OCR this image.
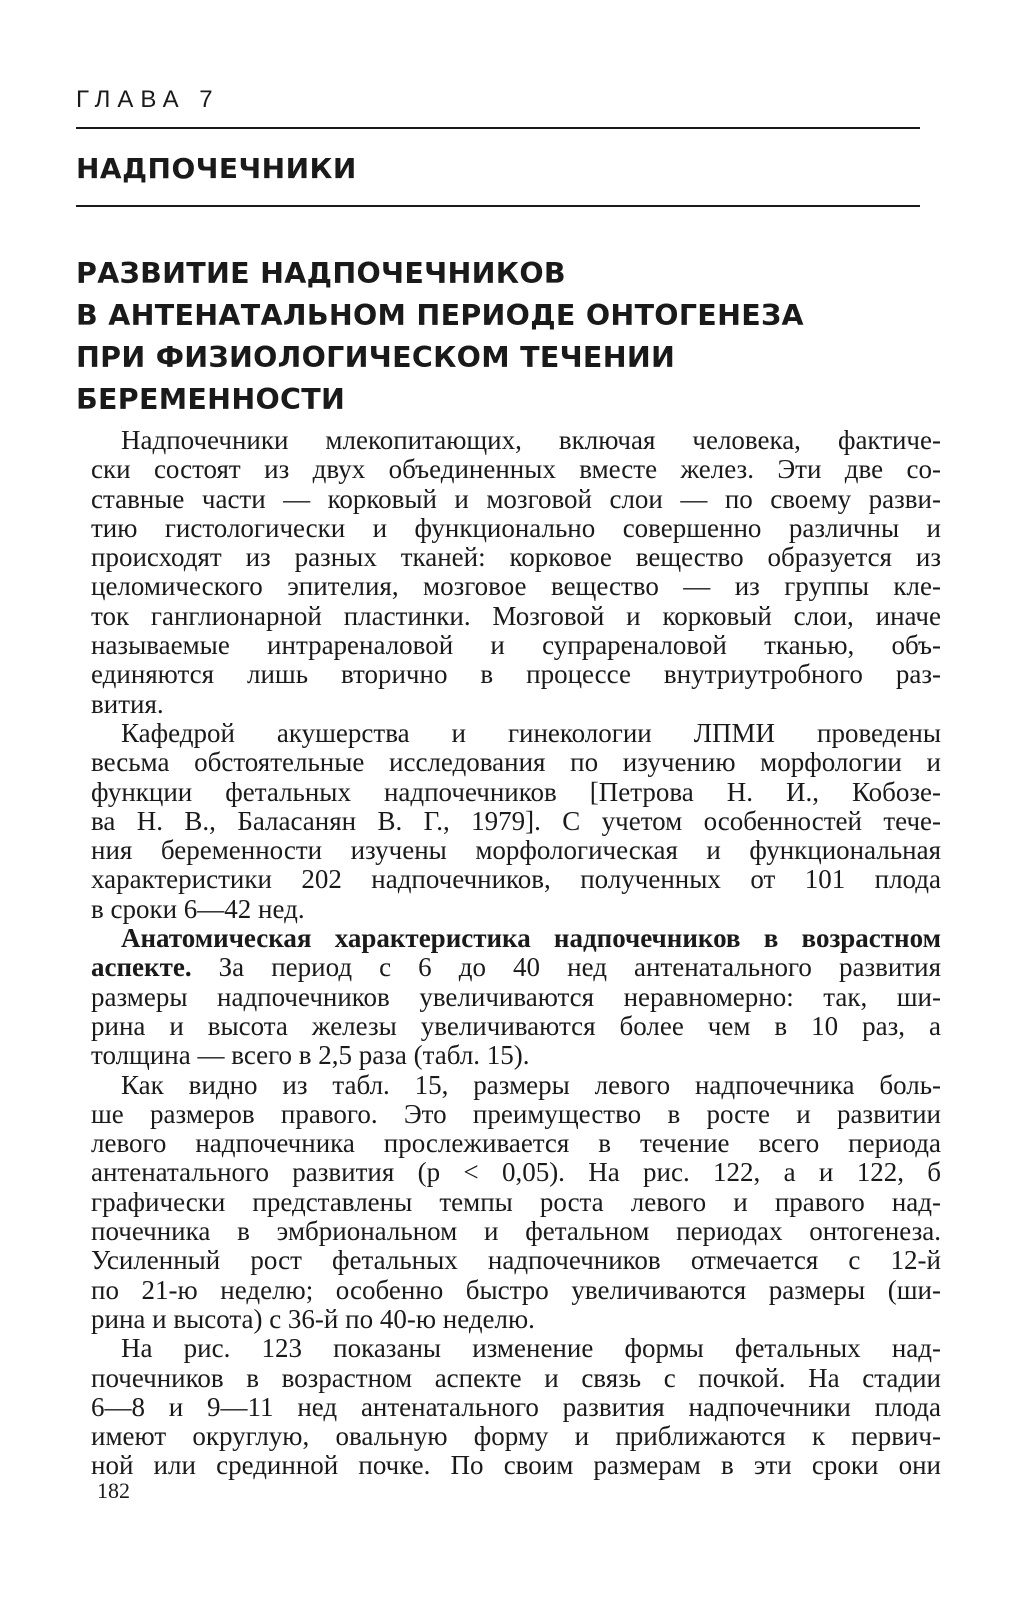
ГЛАВА 7
НАДПОЧЕЧНИКИ
РАЗВИТИЕ НАДПОЧЕЧНИКОВ
В АНТЕНАТАЛЬНОМ ПЕРИОДЕ ОНТОГЕНЕЗА
ПРИ ФИЗИОЛОГИЧЕСКОМ ТЕЧЕНИИ
БЕРЕМЕННОСТИ

Надпочечники млекопитающих, включая человека, фактиче-
ски состоят из двух объединенных вместе желез. Эти две со-
ставные части — корковый и мозговой слои — по своему разви-
тию гистологически и функционально совершенно различны и
происходят из разных тканей: корковое вещество образуется из
целомического эпителия, мозговое вещество — из группы кле-
ток ганглионарной пластинки. Мозговой и корковый слои, иначе
называемые интрареналовой и супрареналовой тканью, объ-
единяются лишь вторично в процессе внутриутробного раз-
вития.

Кафедрой акушерства и гинекологии ЛПМИ проведены
весьма обстоятельные исследования по изучению морфологии и
функции фетальных надпочечников [Петрова Н. И., Кобозе-
ва Н. В., Баласанян В. Г., 1979]. С учетом особенностей тече-
ния беременности изучены морфологическая и функциональная
характеристики 202 надпочечников, полученных от 101 плода
в сроки 6—42 нед.

Анатомическая характеристика надпочечников в возрастном
аспекте. За период с 6 до 40 нед антенатального развития
размеры надпочечников увеличиваются неравномерно: так, ши-
рина и высота железы увеличиваются более чем в 10 раз, а
толщина — всего в 2,5 раза (табл. 15).

Как видно из табл. 15, размеры левого надпочечника боль-
ше размеров правого. Это преимущество в росте и развитии
левого надпочечника прослеживается в течение всего периода
антенатального развития (p < 0,05). На рис. 122, а и 122, б
графически представлены темпы роста левого и правого над-
почечника в эмбриональном и фетальном периодах онтогенеза.
Усиленный рост фетальных надпочечников отмечается с 12-й
по 21-ю неделю; особенно быстро увеличиваются размеры (ши-
рина и высота) с 36-й по 40-ю неделю.

На рис. 123 показаны изменение формы фетальных над-
почечников в возрастном аспекте и связь с почкой. На стадии
6—8 и 9—11 нед антенатального развития надпочечники плода
имеют округлую, овальную форму и приближаются к первич-
ной или срединной почке. По своим размерам в эти сроки они

182
